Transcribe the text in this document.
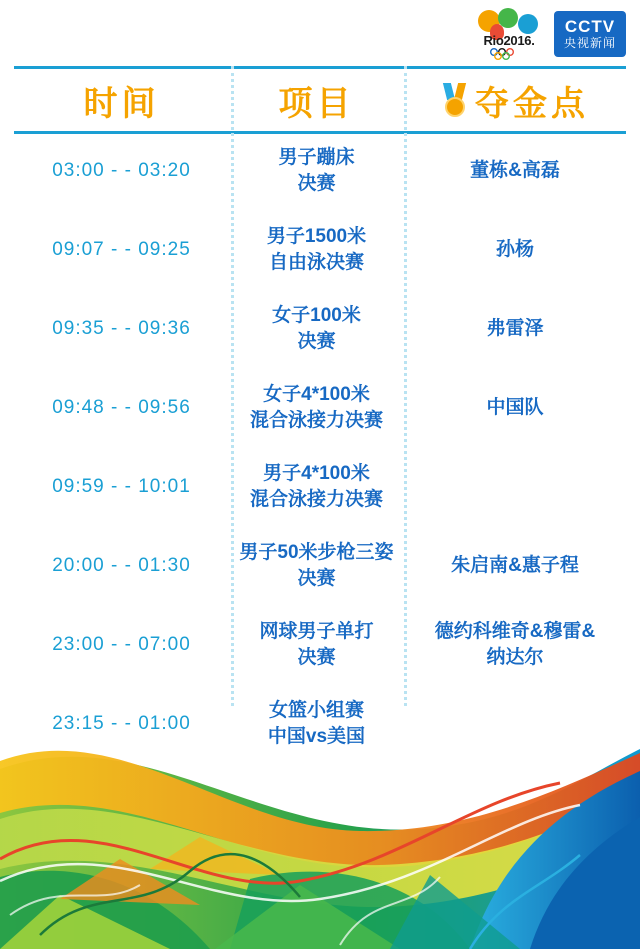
Rio2016.
CCTV
央视新闻
时间	项目	夺金点
03:00 - - 03:20
男子蹦床
决赛
董栋&高磊
09:07 - - 09:25
男子1500米
自由泳决赛
孙杨
09:35 - - 09:36
女子100米
决赛
弗雷泽
09:48 - - 09:56
女子4*100米
混合泳接力决赛
中国队
09:59 - - 10:01
男子4*100米
混合泳接力决赛
20:00 - - 01:30
男子50米步枪三姿
决赛
朱启南&惠子程
23:00 - - 07:00
网球男子单打
决赛
德约科维奇&穆雷&
纳达尔
23:15 - - 01:00
女篮小组赛
中国vs美国
